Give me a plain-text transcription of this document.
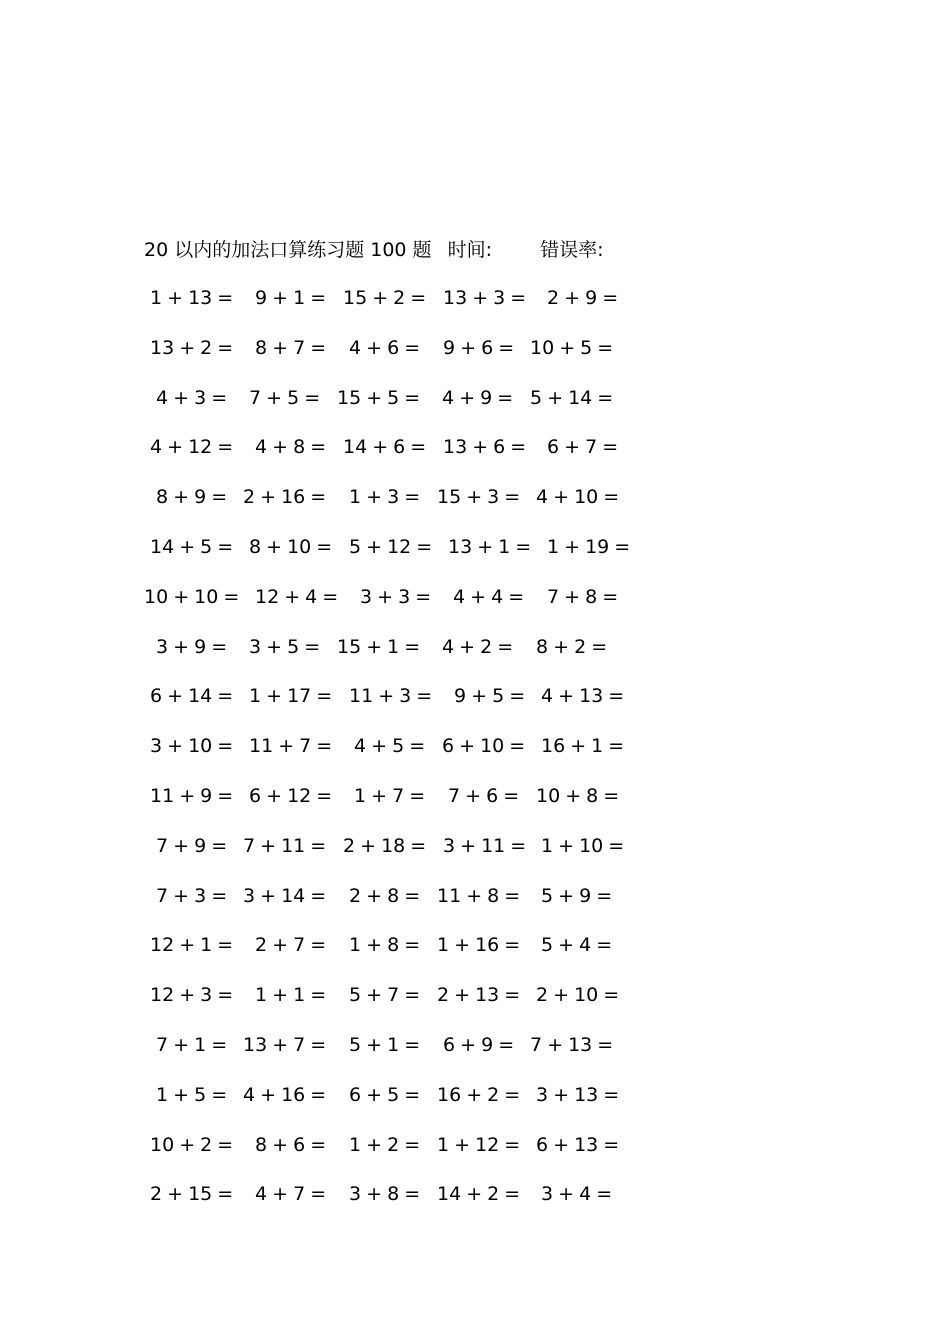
20 以内的加法口算练习题 100 题 时间:	错误率:
1 + 13 = 9 + 1 = 15 + 2 = 13 + 3 = 2 + 9 =
13 + 2 = 8 + 7 = 4 + 6 = 9 + 6 = 10 + 5 =
4 + 3 = 7 + 5 = 15 + 5 = 4 + 9 = 5 + 14 =
4 + 12 = 4 + 8 = 14 + 6 = 13 + 6 = 6 + 7 =
8 + 9 = 2 + 16 = 1 + 3 = 15 + 3 = 4 + 10 =
14 + 5 = 8 + 10 = 5 + 12 = 13 + 1 = 1 + 19 =
10 + 10 = 12 + 4 = 3 + 3 = 4 + 4 = 7 + 8 =
3 + 9 = 3 + 5 = 15 + 1 = 4 + 2 = 8 + 2 =
6 + 14 = 1 + 17 = 11 + 3 = 9 + 5 = 4 + 13 =
3 + 10 = 11 + 7 = 4 + 5 = 6 + 10 = 16 + 1 =
11 + 9 = 6 + 12 = 1 + 7 = 7 + 6 = 10 + 8 =
7 + 9 = 7 + 11 = 2 + 18 = 3 + 11 = 1 + 10 =
7 + 3 = 3 + 14 = 2 + 8 = 11 + 8 = 5 + 9 =
12 + 1 = 2 + 7 = 1 + 8 = 1 + 16 = 5 + 4 =
12 + 3 = 1 + 1 = 5 + 7 = 2 + 13 = 2 + 10 =
7 + 1 = 13 + 7 = 5 + 1 = 6 + 9 = 7 + 13 =
1 + 5 = 4 + 16 = 6 + 5 = 16 + 2 = 3 + 13 =
10 + 2 = 8 + 6 = 1 + 2 = 1 + 12 = 6 + 13 =
2 + 15 = 4 + 7 = 3 + 8 = 14 + 2 = 3 + 4 =
